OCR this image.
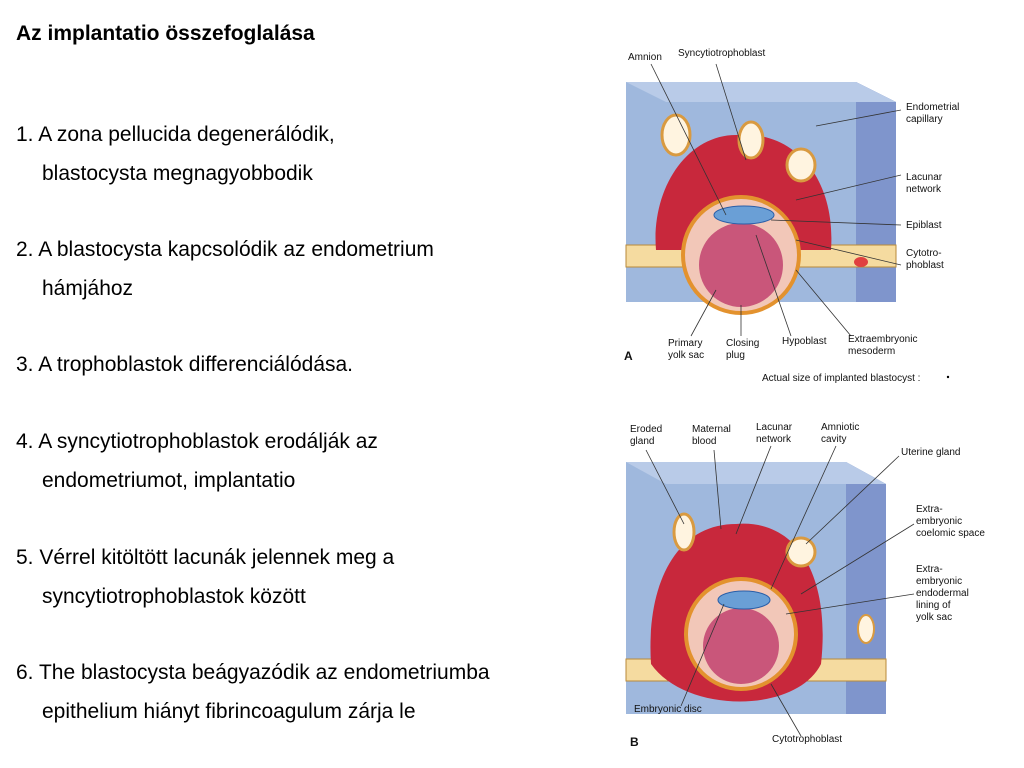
Az implantatio összefoglalása
1. A zona pellucida degenerálódik,
blastocysta megnagyobbodik
2. A blastocysta kapcsolódik az endometrium
hámjához
3. A trophoblastok differenciálódása.
4. A syncytiotrophoblastok erodálják az
endometriumot, implantatio
5. Vérrel kitöltött lacunák jelennek meg a
syncytiotrophoblastok között
6. The blastocysta beágyazódik az endometriumba
epithelium hiányt fibrincoagulum zárja le
Amnion Syncytiotrophoblast
Endometrial
capillary
Lacunar
network
Epiblast
Cytotro-
phoblast
Primary
yolk sac
Closing
plug
Hypoblast Extraembryonic
mesoderm
A
Actual size of implanted blastocyst :
Eroded
gland
Maternal
blood
Lacunar
network
Amniotic
cavity
Uterine gland
Extra-
embryonic
coelomic space
Extra-
embryonic
endodermal
lining of
yolk sac
Embryonic disc
B	Cytotrophoblast
